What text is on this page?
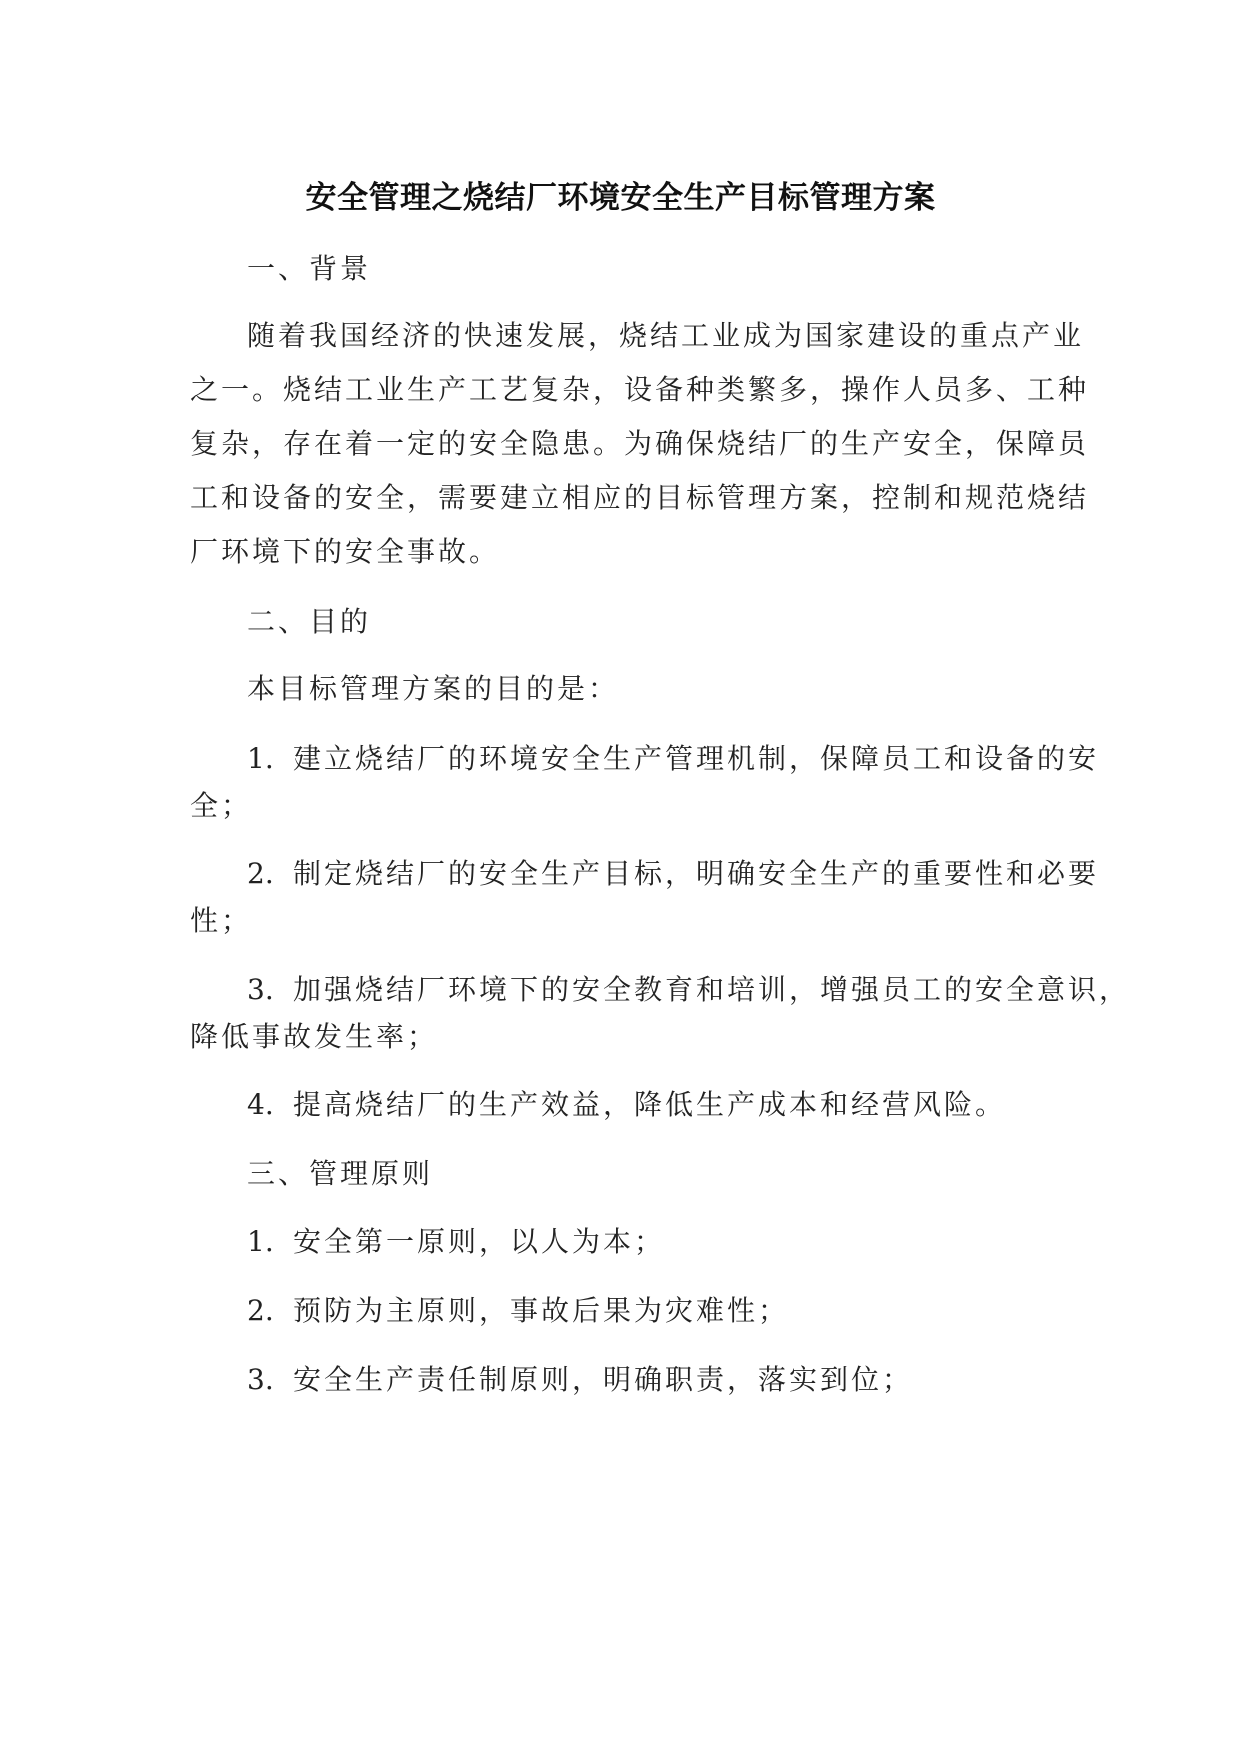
安全管理之烧结厂环境安全生产目标管理方案
一、背景
随着我国经济的快速发展，烧结工业成为国家建设的重点产业
之一。烧结工业生产工艺复杂，设备种类繁多，操作人员多、工种
复杂，存在着一定的安全隐患。为确保烧结厂的生产安全，保障员
工和设备的安全，需要建立相应的目标管理方案，控制和规范烧结
厂环境下的安全事故。
二、目的
本目标管理方案的目的是：
1. 建立烧结厂的环境安全生产管理机制，保障员工和设备的安
全；
2. 制定烧结厂的安全生产目标，明确安全生产的重要性和必要
性；
3. 加强烧结厂环境下的安全教育和培训，增强员工的安全意识，
降低事故发生率；
4. 提高烧结厂的生产效益，降低生产成本和经营风险。
三、管理原则
1. 安全第一原则，以人为本；
2. 预防为主原则，事故后果为灾难性；
3. 安全生产责任制原则，明确职责，落实到位；
